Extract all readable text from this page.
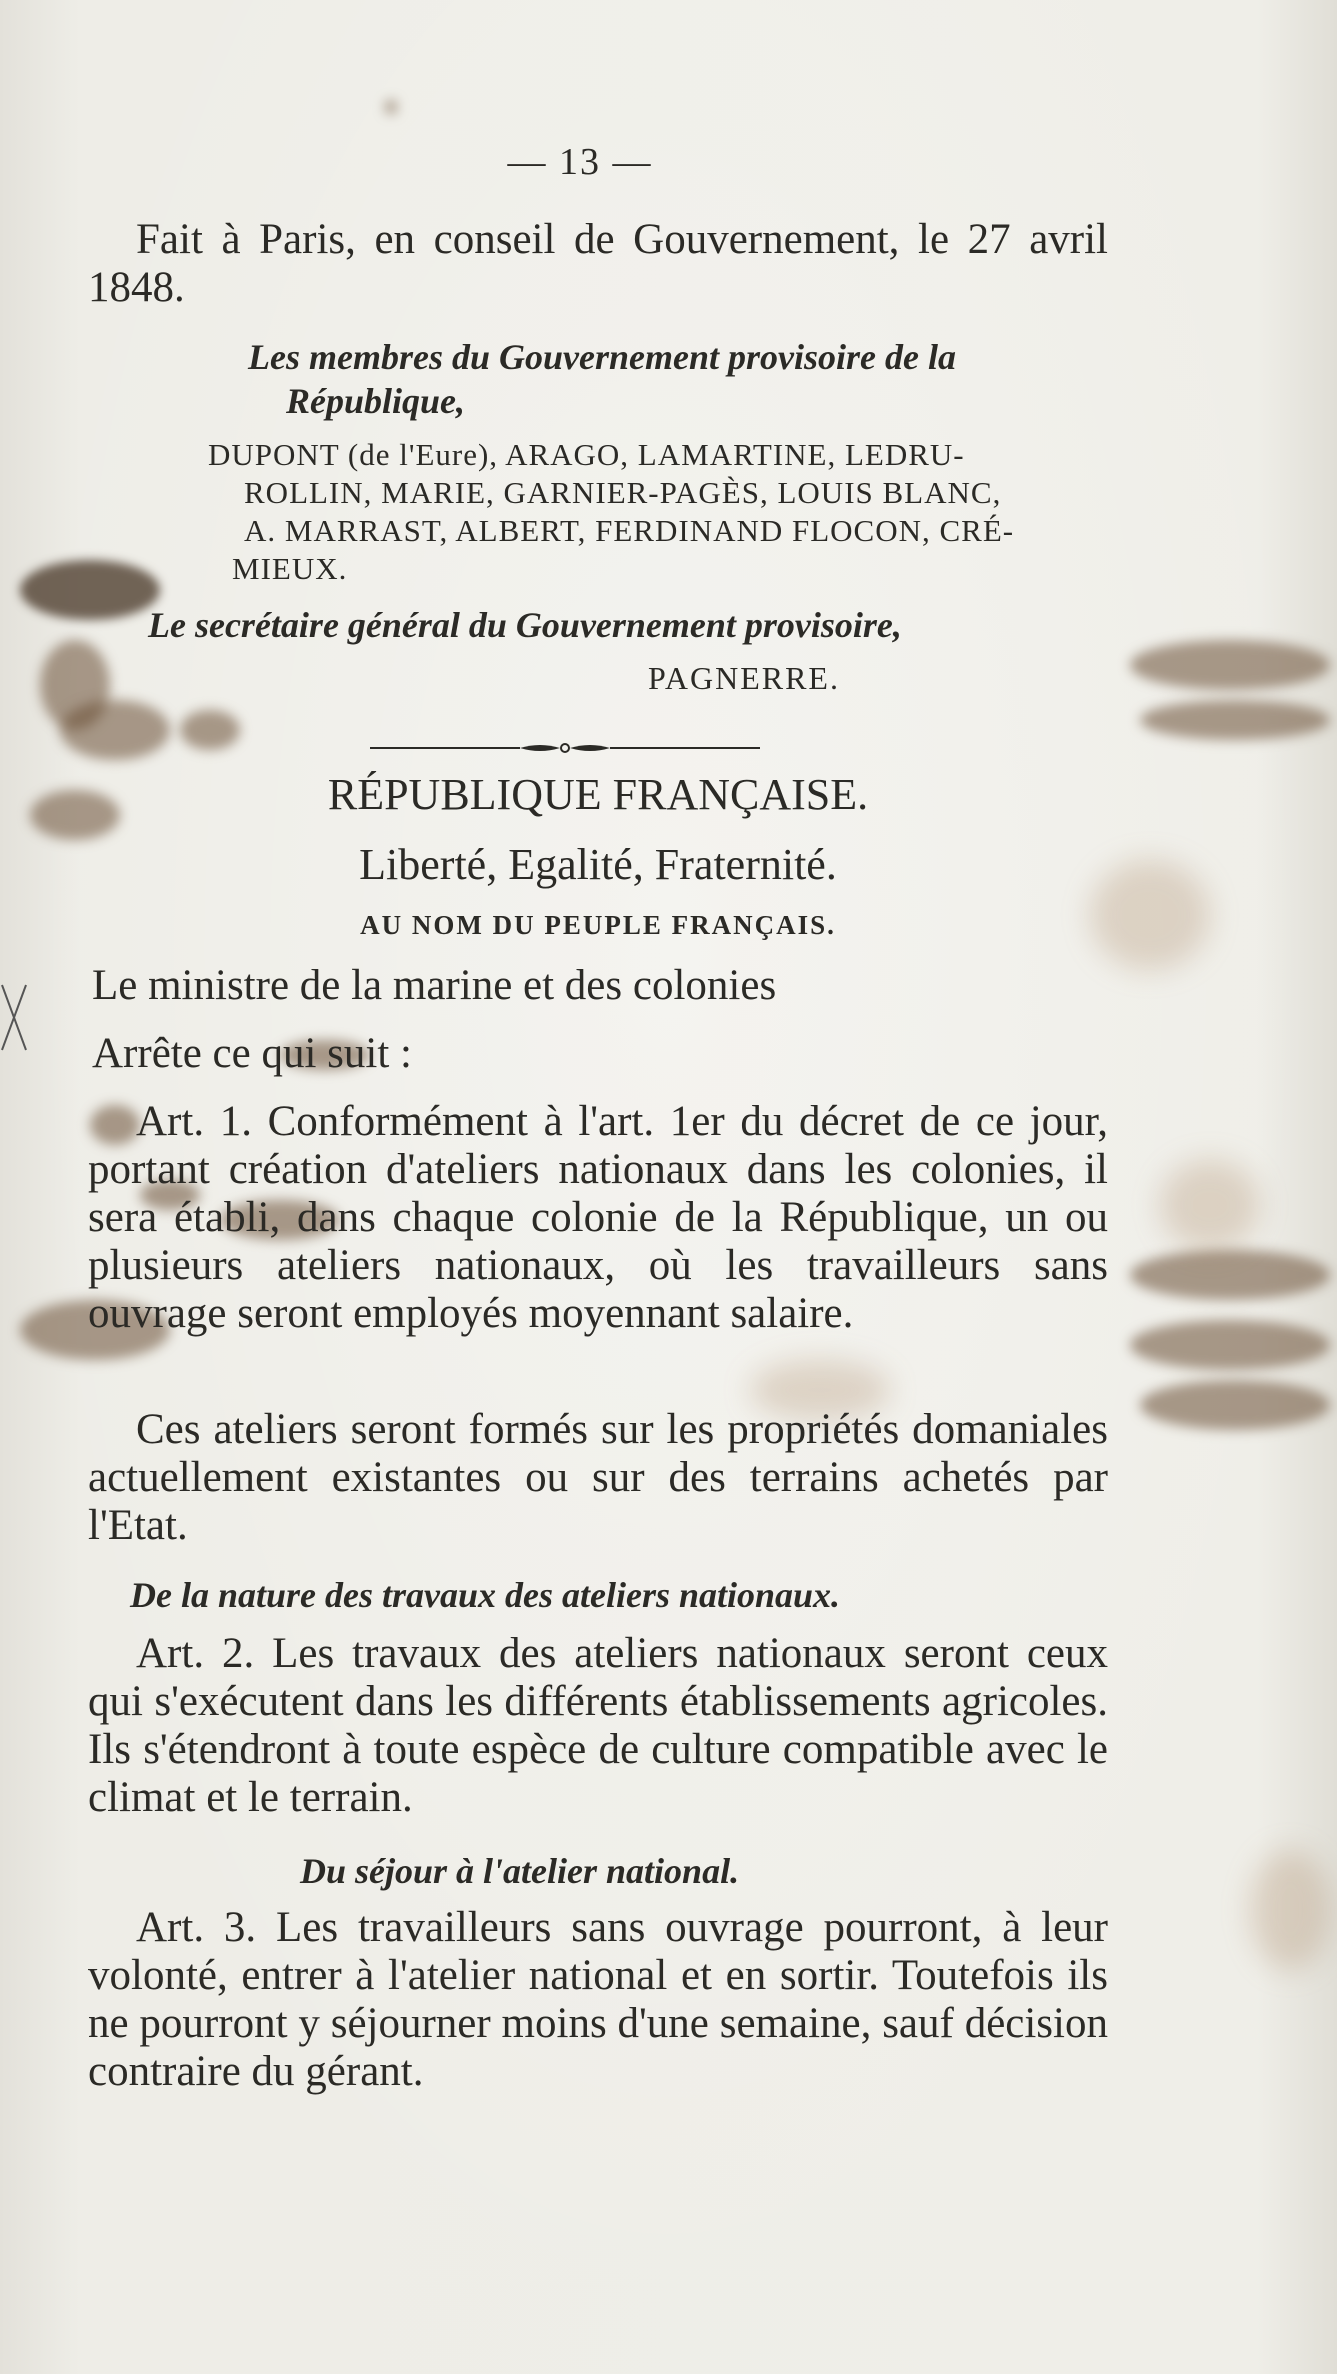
— 13 —
Fait à Paris, en conseil de Gouvernement, le 27 avril 1848.
Les membres du Gouvernement provisoire de la
République,
DUPONT (de l'Eure), ARAGO, LAMARTINE, LEDRU-
ROLLIN, MARIE, GARNIER-PAGÈS, LOUIS BLANC,
A. MARRAST, ALBERT, FERDINAND FLOCON, CRÉ-
MIEUX.
Le secrétaire général du Gouvernement provisoire,
PAGNERRE.
RÉPUBLIQUE FRANÇAISE.
Liberté, Egalité, Fraternité.
AU NOM DU PEUPLE FRANÇAIS.
Le ministre de la marine et des colonies
Arrête ce qui suit :
Art. 1. Conformément à l'art. 1er du décret de ce jour, portant création d'ateliers nationaux dans les colonies, il sera établi, dans chaque colonie de la République, un ou plusieurs ateliers nationaux, où les travailleurs sans ouvrage seront employés moyennant salaire.
Ces ateliers seront formés sur les propriétés domaniales actuellement existantes ou sur des terrains achetés par l'Etat.
De la nature des travaux des ateliers nationaux.
Art. 2. Les travaux des ateliers nationaux seront ceux qui s'exécutent dans les différents établissements agricoles. Ils s'étendront à toute espèce de culture compatible avec le climat et le terrain.
Du séjour à l'atelier national.
Art. 3. Les travailleurs sans ouvrage pourront, à leur volonté, entrer à l'atelier national et en sortir. Toutefois ils ne pourront y séjourner moins d'une semaine, sauf décision contraire du gérant.
